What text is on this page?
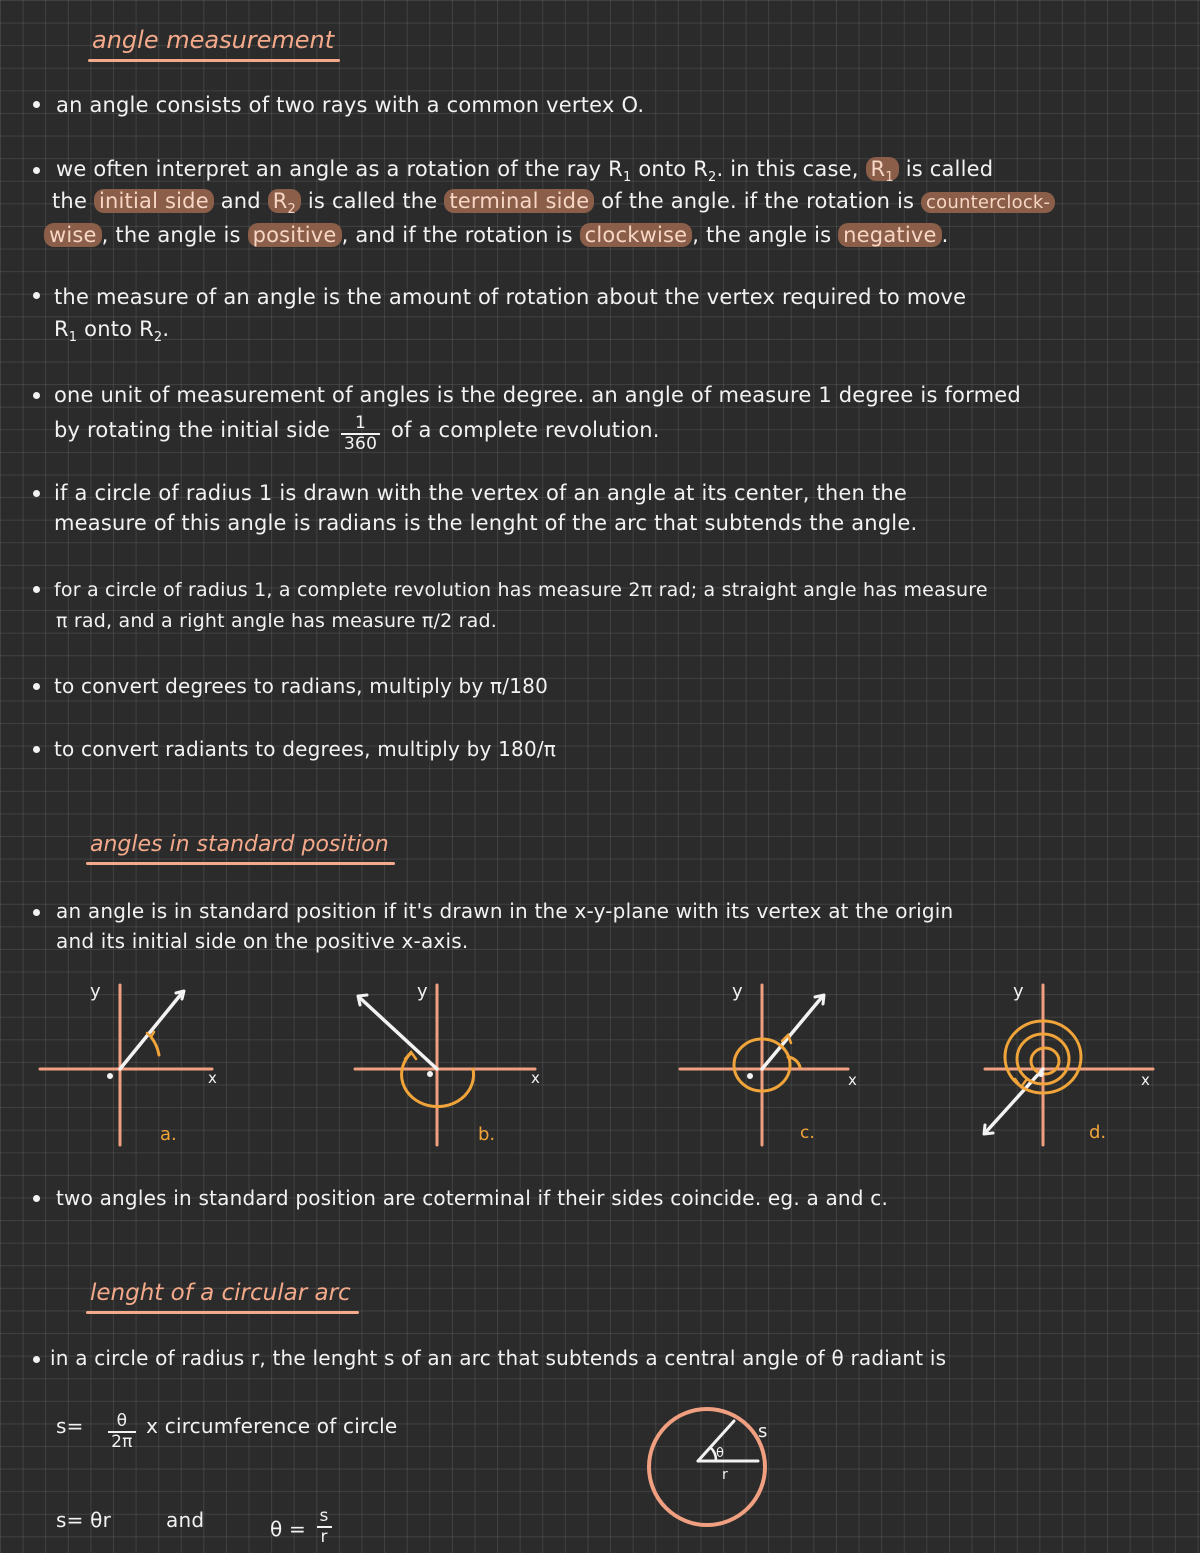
angle measurement
an angle consists of two rays with a common vertex O.
we often interpret an angle as a rotation of the ray $R_1$ onto $R_2$. in this case, $R_1$ is called
the initial side and $R_2$ is called the terminal side of the angle. if the rotation is counterclock-
wise , the angle is positive , and if the rotation is clockwise , the angle is negative .
the measure of an angle is the amount of rotation about the vertex required to move
$R_1$ onto $R_2$.
one unit of measurement of angles is the degree. an angle of measure 1 degree is formed
by rotating the initial side $\frac{1}{360}$ of a complete revolution.
if a circle of radius 1 is drawn with the vertex of an angle at its center, then the
measure of this angle is radians is the lenght of the arc that subtends the angle.
for a circle of radius 1, a complete revolution has measure 2π rad; a straight angle has measure
π rad, and a right angle has measure π/2 rad.
to convert degrees to radians, multiply by π/180
to convert radiants to degrees, multiply by 180/π
angles in standard position
an angle is in standard position if it's drawn in the x-y-plane with its vertex at the origin
and its initial side on the positive x-axis.
O
y
x
a.
O
y
x
b.
O
y
x
c.
O
y
x
d.
two angles in standard position are coterminal if their sides coincide. eg. a and c.
lenght of a circular arc
in a circle of radius r, the lenght s of an arc that subtends a central angle of θ radiant is
$s= \frac{\theta}{2\pi}$ x circumference of circle
s= θr	and	$\theta = \frac{s}{r}$
θ
r
s
